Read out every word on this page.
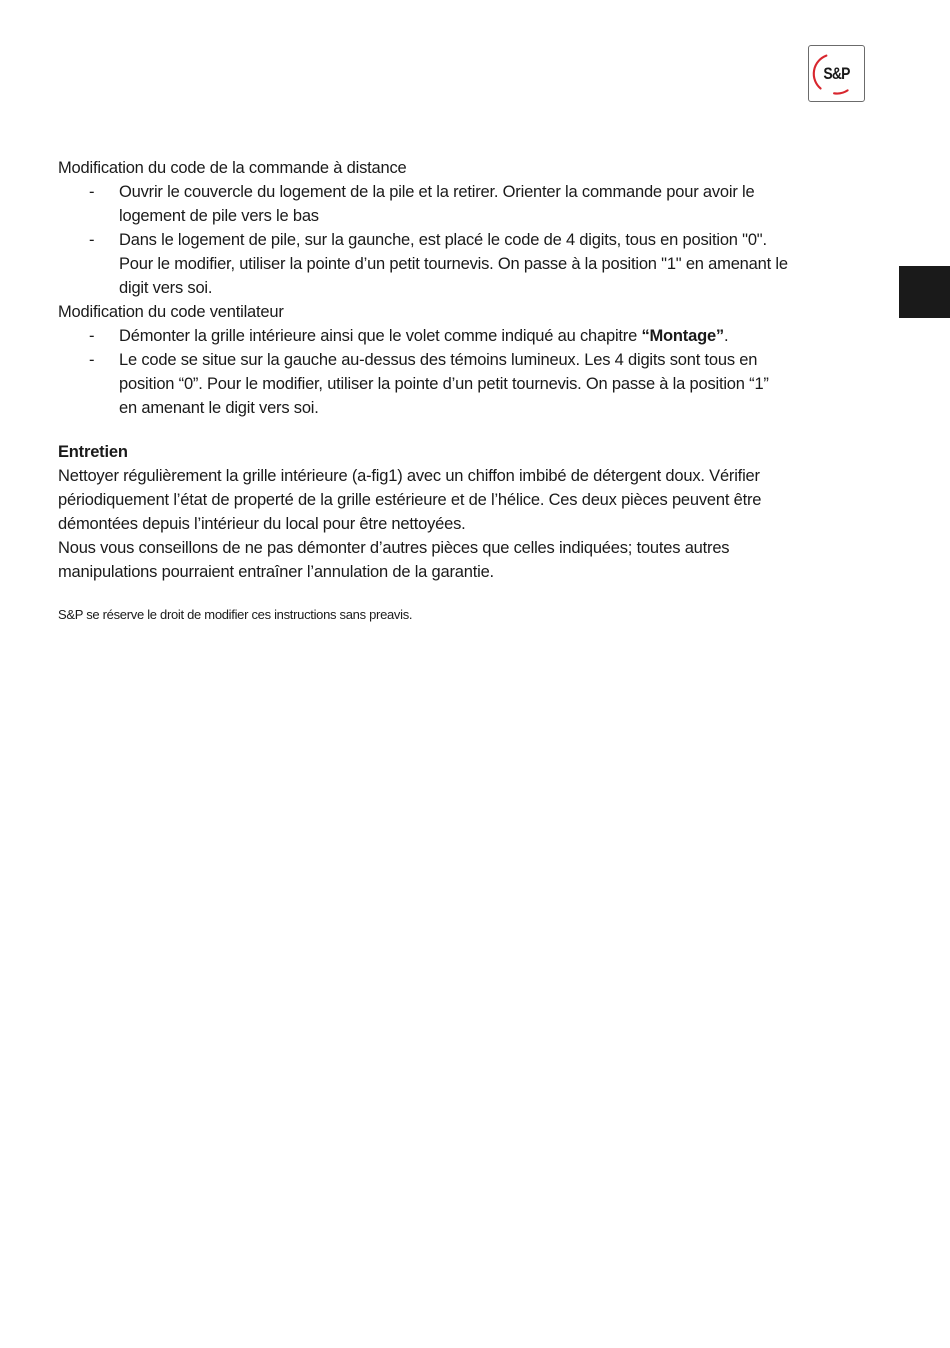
S&P
Modification du code de la commande à distance
- Ouvrir le couvercle du logement de la pile et la retirer. Orienter la commande pour avoir le
logement de pile vers le bas
- Dans le logement de pile, sur la gaunche, est placé le code de 4 digits, tous en position "0".
Pour le modifier, utiliser la pointe d’un petit tournevis. On passe à la position "1" en amenant le
digit vers soi.
Modification du code ventilateur
- Démonter la grille intérieure ainsi que le volet comme indiqué au chapitre “Montage”.
- Le code se situe sur la gauche au-dessus des témoins lumineux. Les 4 digits sont tous en
position “0”. Pour le modifier, utiliser la pointe d’un petit tournevis. On passe à la position “1”
en amenant le digit vers soi.
Entretien
Nettoyer régulièrement la grille intérieure (a-fig1) avec un chiffon imbibé de détergent doux. Vérifier
périodiquement l’état de properté de la grille estérieure et de l’hélice. Ces deux pièces peuvent être
démontées depuis l’intérieur du local pour être nettoyées.
Nous vous conseillons de ne pas démonter d’autres pièces que celles indiquées; toutes autres
manipulations pourraient entraîner l’annulation de la garantie.
S&P se réserve le droit de modifier ces instructions sans preavis.
